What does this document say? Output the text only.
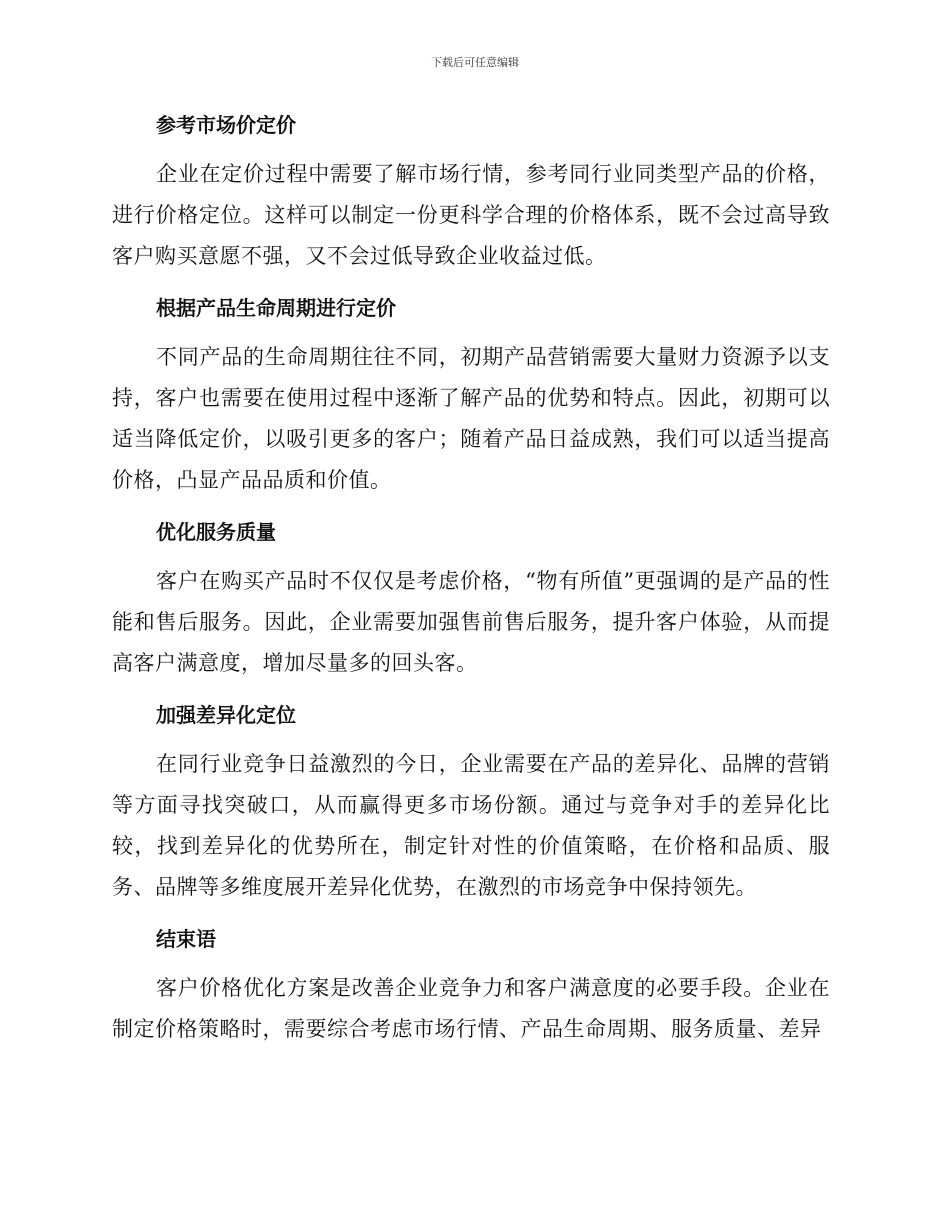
下载后可任意编辑
参考市场价定价

企业在定价过程中需要了解市场行情，参考同行业同类型产品的价格，进行价格定位。这样可以制定一份更科学合理的价格体系，既不会过高导致客户购买意愿不强，又不会过低导致企业收益过低。

根据产品生命周期进行定价

不同产品的生命周期往往不同，初期产品营销需要大量财力资源予以支持，客户也需要在使用过程中逐渐了解产品的优势和特点。因此，初期可以适当降低定价，以吸引更多的客户；随着产品日益成熟，我们可以适当提高价格，凸显产品品质和价值。

优化服务质量

客户在购买产品时不仅仅是考虑价格，“物有所值”更强调的是产品的性能和售后服务。因此，企业需要加强售前售后服务，提升客户体验，从而提高客户满意度，增加尽量多的回头客。

加强差异化定位

在同行业竞争日益激烈的今日，企业需要在产品的差异化、品牌的营销等方面寻找突破口，从而赢得更多市场份额。通过与竞争对手的差异化比较，找到差异化的优势所在，制定针对性的价值策略，在价格和品质、服务、品牌等多维度展开差异化优势，在激烈的市场竞争中保持领先。

结束语

客户价格优化方案是改善企业竞争力和客户满意度的必要手段。企业在制定价格策略时，需要综合考虑市场行情、产品生命周期、服务质量、差异
